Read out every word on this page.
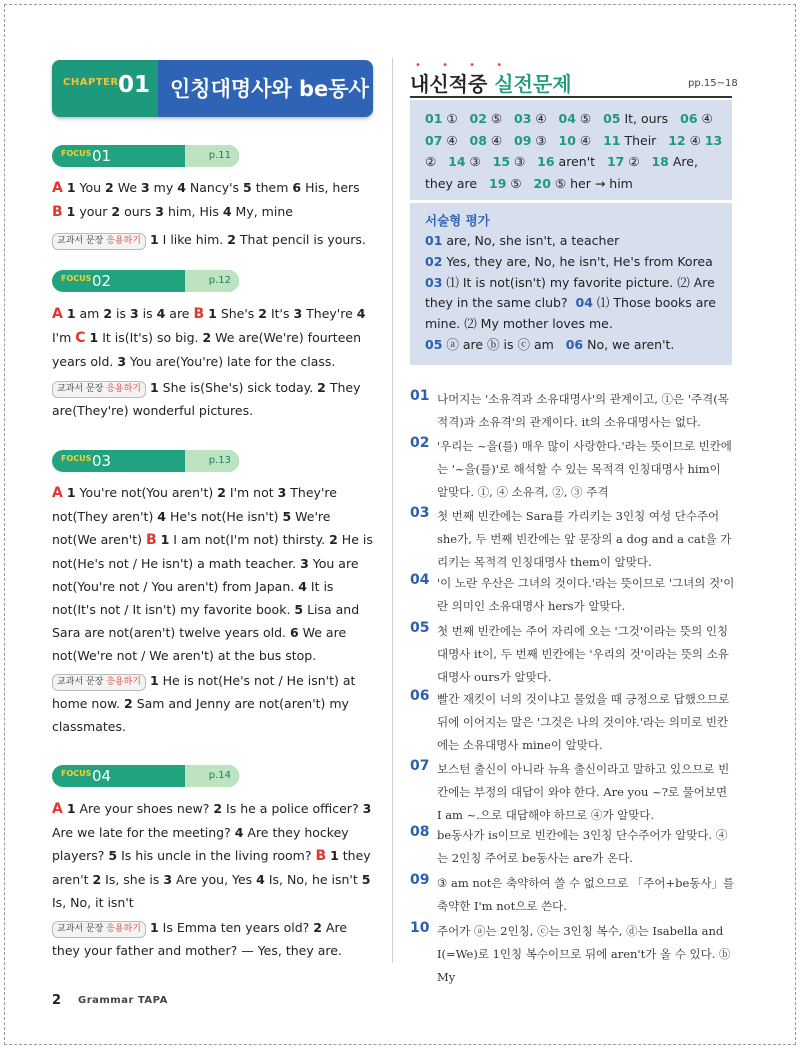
CHAPTER 01 인칭대명사와 be동사
FOCUS 01	p.11
A 1 You 2 We 3 my 4 Nancy's 5 them 6 His, hers B 1 your 2 ours 3 him, His 4 My, mine
교과서 문장 응용하기 1 I like him. 2 That pencil is yours.
FOCUS 02	p.12
A 1 am 2 is 3 is 4 are B 1 She's 2 It's 3 They're 4 I'm C 1 It is(It's) so big. 2 We are(We're) fourteen years old. 3 You are(You're) late for the class.
교과서 문장 응용하기 1 She is(She's) sick today. 2 They are(They're) wonderful pictures.
FOCUS 03	p.13
A 1 You're not(You aren't) 2 I'm not 3 They're not(They aren't) 4 He's not(He isn't) 5 We're not(We aren't) B 1 I am not(I'm not) thirsty. 2 He is not(He's not / He isn't) a math teacher. 3 You are not(You're not / You aren't) from Japan. 4 It is not(It's not / It isn't) my favorite book. 5 Lisa and Sara are not(aren't) twelve years old. 6 We are not(We're not / We aren't) at the bus stop.
교과서 문장 응용하기 1 He is not(He's not / He isn't) at home now. 2 Sam and Jenny are not(aren't) my classmates.
FOCUS 04	p.14
A 1 Are your shoes new? 2 Is he a police officer? 3 Are we late for the meeting? 4 Are they hockey players? 5 Is his uncle in the living room? B 1 they aren't 2 Is, she is 3 Are you, Yes 4 Is, No, he isn't 5 Is, No, it isn't
교과서 문장 응용하기 1 Is Emma ten years old? 2 Are they your father and mother? — Yes, they are.
• • • •
내신적중 실전문제	pp.15~18
01 ①   02 ⑤   03 ④   04 ⑤   05 It, ours   06 ④ 07 ④   08 ④   09 ③   10 ④   11 Their   12 ④ 13 ②   14 ③   15 ③   16 aren't   17 ②   18 Are, they are   19 ⑤   20 ⑤ her → him
서술형 평가
01 are, No, she isn't, a teacher
02 Yes, they are, No, he isn't, He's from Korea
03 ⑴ It is not(isn't) my favorite picture. ⑵ Are they in the same club?  04 ⑴ Those books are mine. ⑵ My mother loves me.
05 ⓐ are ⓑ is ⓒ am   06 No, we aren't.
01 나머지는 '소유격과 소유대명사'의 관계이고, ①은 '주격(목적격)과 소유격'의 관계이다. it의 소유대명사는 없다.
02 '우리는 ~을(를) 매우 많이 사랑한다.'라는 뜻이므로 빈칸에는 '~을(를)'로 해석할 수 있는 목적격 인칭대명사 him이 알맞다. ①, ④ 소유격, ②, ③ 주격
03 첫 번째 빈칸에는 Sara를 가리키는 3인칭 여성 단수주어 she가, 두 번째 빈칸에는 앞 문장의 a dog and a cat을 가리키는 목적격 인칭대명사 them이 알맞다.
04 '이 노란 우산은 그녀의 것이다.'라는 뜻이므로 '그녀의 것'이란 의미인 소유대명사 hers가 알맞다.
05 첫 번째 빈칸에는 주어 자리에 오는 '그것'이라는 뜻의 인칭대명사 it이, 두 번째 빈칸에는 '우리의 것'이라는 뜻의 소유대명사 ours가 알맞다.
06 빨간 재킷이 너의 것이냐고 물었을 때 긍정으로 답했으므로 뒤에 이어지는 말은 '그것은 나의 것이야.'라는 의미로 빈칸에는 소유대명사 mine이 알맞다.
07 보스턴 출신이 아니라 뉴욕 출신이라고 말하고 있으므로 빈칸에는 부정의 대답이 와야 한다. Are you ~?로 물어보면 I am ~.으로 대답해야 하므로 ④가 알맞다.
08 be동사가 is이므로 빈칸에는 3인칭 단수주어가 알맞다. ④는 2인칭 주어로 be동사는 are가 온다.
09 ③ am not은 축약하여 쓸 수 없으므로 「주어+be동사」를 축약한 I'm not으로 쓴다.
10 주어가 ⓐ는 2인칭, ⓒ는 3인칭 복수, ⓓ는 Isabella and I(=We)로 1인칭 복수이므로 뒤에 aren't가 올 수 있다. ⓑ My
2 Grammar TAPA
